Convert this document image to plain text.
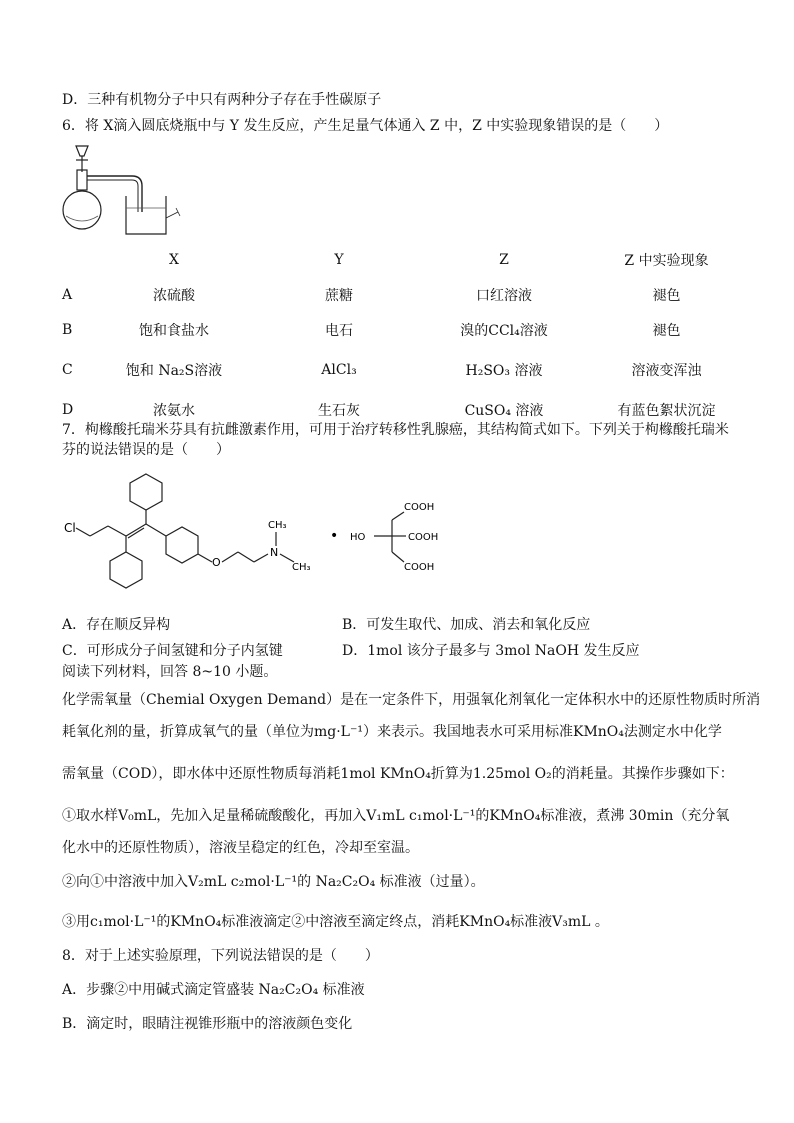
D．三种有机物分子中只有两种分子存在手性碳原子
6．将 X滴入圆底烧瓶中与 Y 发生反应，产生足量气体通入 Z 中，Z 中实验现象错误的是（　　）
	X	Y	Z	Z 中实验现象
A	浓硫酸	蔗糖	口红溶液	褪色
B	饱和食盐水	电石	溴的CCl₄溶液	褪色
C	饱和 Na₂S溶液	AlCl₃	H₂SO₃ 溶液	溶液变浑浊
D	浓氨水	生石灰	CuSO₄ 溶液	有蓝色絮状沉淀
7．枸橼酸托瑞米芬具有抗雌激素作用，可用于治疗转移性乳腺癌，其结构简式如下。下列关于枸橼酸托瑞米芬的说法错误的是（　　）
Cl
O
N
CH₃
CH₃
• HO
COOH
COOH
COOH
A．存在顺反异构	B．可发生取代、加成、消去和氧化反应
C．可形成分子间氢键和分子内氢键	D．1mol 该分子最多与 3mol NaOH 发生反应
阅读下列材料，回答 8~10 小题。
化学需氧量（Chemial Oxygen Demand）是在一定条件下，用强氧化剂氧化一定体积水中的还原性物质时所消
耗氧化剂的量，折算成氧气的量（单位为mg·L⁻¹）来表示。我国地表水可采用标准KMnO₄法测定水中化学
需氧量（COD），即水体中还原性物质每消耗1mol KMnO₄折算为1.25mol O₂的消耗量。其操作步骤如下：
①取水样V₀mL，先加入足量稀硫酸酸化，再加入V₁mL c₁mol·L⁻¹的KMnO₄标准液，煮沸 30min（充分氧
化水中的还原性物质），溶液呈稳定的红色，冷却至室温。
②向①中溶液中加入V₂mL c₂mol·L⁻¹的 Na₂C₂O₄ 标准液（过量）。
③用c₁mol·L⁻¹的KMnO₄标准液滴定②中溶液至滴定终点，消耗KMnO₄标准液V₃mL 。
8．对于上述实验原理，下列说法错误的是（　　）
A．步骤②中用碱式滴定管盛装 Na₂C₂O₄ 标准液
B．滴定时，眼睛注视锥形瓶中的溶液颜色变化
